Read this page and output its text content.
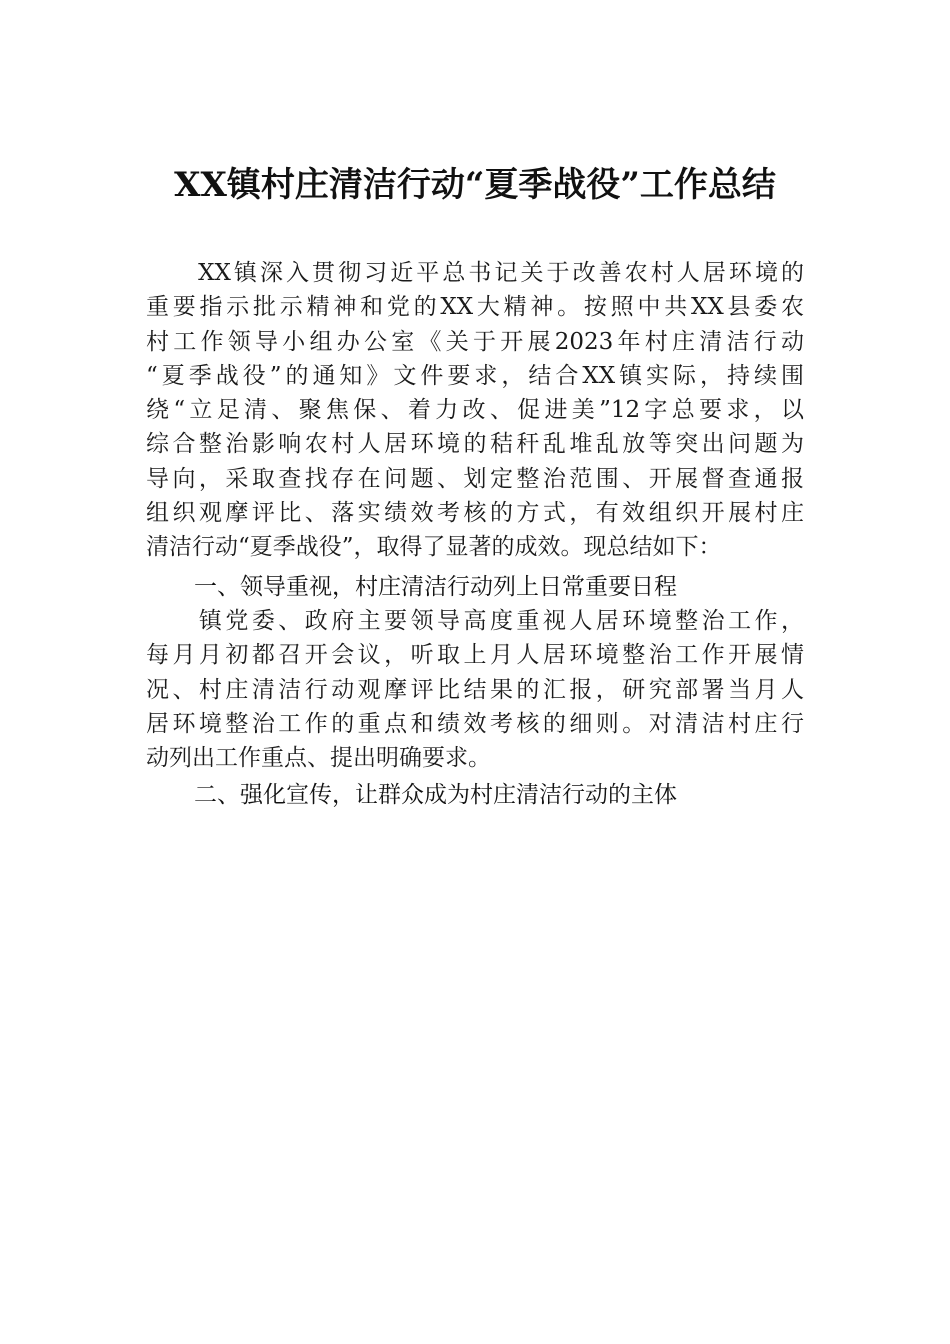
XX镇村庄清洁行动“夏季战役”工作总结
　　XX镇深入贯彻习近平总书记关于改善农村人居环境的
重要指示批示精神和党的XX大精神。按照中共XX县委农
村工作领导小组办公室《关于开展2023年村庄清洁行动
“夏季战役”的通知》文件要求，结合XX镇实际，持续围
绕“立足清、聚焦保、着力改、促进美”12字总要求，以
综合整治影响农村人居环境的秸秆乱堆乱放等突出问题为
导向，采取查找存在问题、划定整治范围、开展督查通报
组织观摩评比、落实绩效考核的方式，有效组织开展村庄
清洁行动“夏季战役”，取得了显著的成效。现总结如下：
一、领导重视，村庄清洁行动列上日常重要日程
　　镇党委、政府主要领导高度重视人居环境整治工作，
每月月初都召开会议，听取上月人居环境整治工作开展情
况、村庄清洁行动观摩评比结果的汇报，研究部署当月人
居环境整治工作的重点和绩效考核的细则。对清洁村庄行
动列出工作重点、提出明确要求。
二、强化宣传，让群众成为村庄清洁行动的主体
